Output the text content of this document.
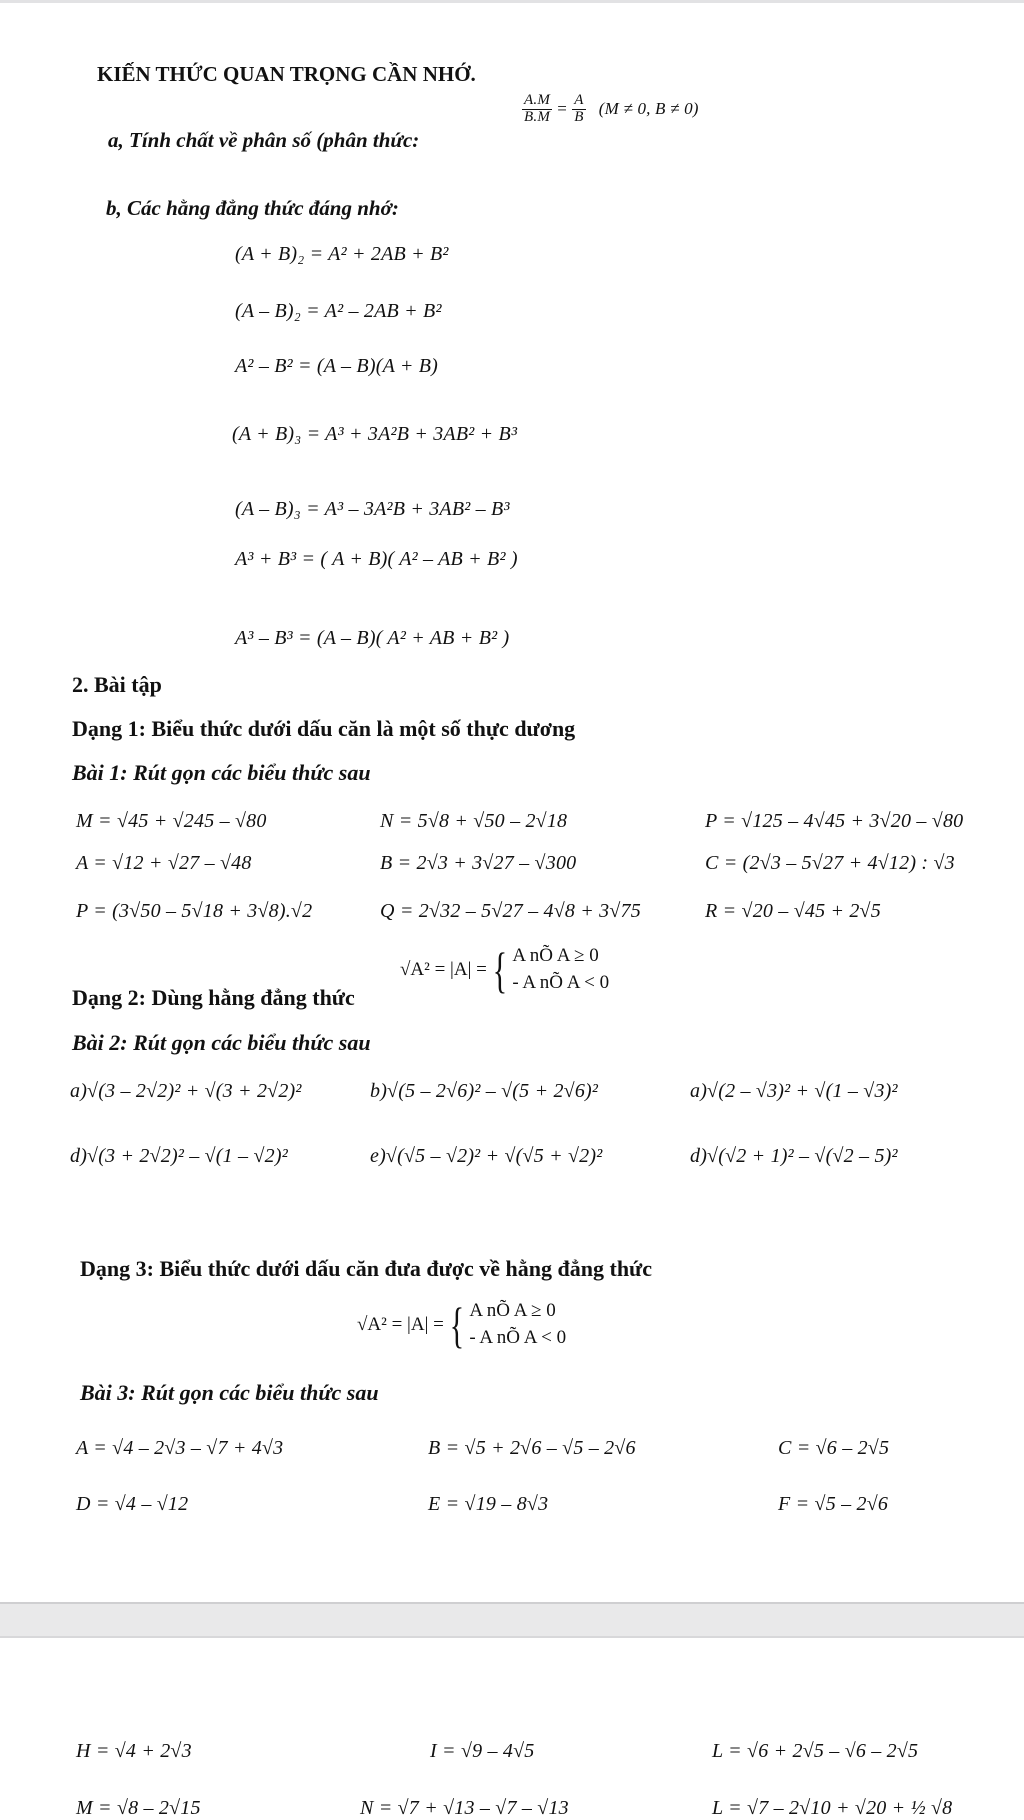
KIẾN THỨC QUAN TRỌNG CẦN NHỚ.
a, Tính chất về phân số (phân thức:
$\frac{A.M}{B.M} = \frac{A}{B} (M \ne 0$, B ≠ 0)
b, Các hằng đẳng thức đáng nhớ:
(A + B)₂ = A² + 2AB + B²
(A – B)₂ = A² – 2AB + B²
A² – B² = (A – B)(A + B)
(A + B)₃ = A³ + 3A²B + 3AB² + B³
(A – B)₃ = A³ – 3A²B + 3AB² – B³
A³ + B³ = ( A + B)( A² – AB + B² )
A³ – B³ = (A – B)( A² + AB + B² )
2. Bài tập
Dạng 1: Biểu thức dưới dấu căn là một số thực dương
Bài 1: Rút gọn các biểu thức sau
M = √45 + √245 – √80	N = 5√8 + √50 – 2√18	P = √125 – 4√45 + 3√20 – √80
A = √12 + √27 – √48	B = 2√3 + 3√27 – √300	C = (2√3 – 5√27 + 4√12) : √3
P = (3√50 – 5√18 + 3√8).√2	Q = 2√32 – 5√27 – 4√8 + 3√75	R = √20 – √45 + 2√5
Dạng 2: Dùng hằng đẳng thức
√A² = |A| = { A nÕ A ≥ 0
- A nÕ A < 0
Bài 2: Rút gọn các biểu thức sau
a)√(3 – 2√2)² + √(3 + 2√2)²	b)√(5 – 2√6)² – √(5 + 2√6)²	a)√(2 – √3)² + √(1 – √3)²
d)√(3 + 2√2)² – √(1 – √2)²	e)√(√5 – √2)² + √(√5 + √2)²	d)√(√2 + 1)² – √(√2 – 5)²
Dạng 3: Biểu thức dưới dấu căn đưa được về hằng đẳng thức
√A² = |A| = { A nÕ A ≥ 0
- A nÕ A < 0
Bài 3: Rút gọn các biểu thức sau
A = √4 – 2√3 – √7 + 4√3	B = √5 + 2√6 – √5 – 2√6	C = √6 – 2√5
D = √4 – √12	E = √19 – 8√3	F = √5 – 2√6
H = √4 + 2√3	I = √9 – 4√5	L = √6 + 2√5 – √6 – 2√5
M = √8 – 2√15	N = √7 + √13 – √7 – √13	L = √7 – 2√10 + √20 + ½ √8
